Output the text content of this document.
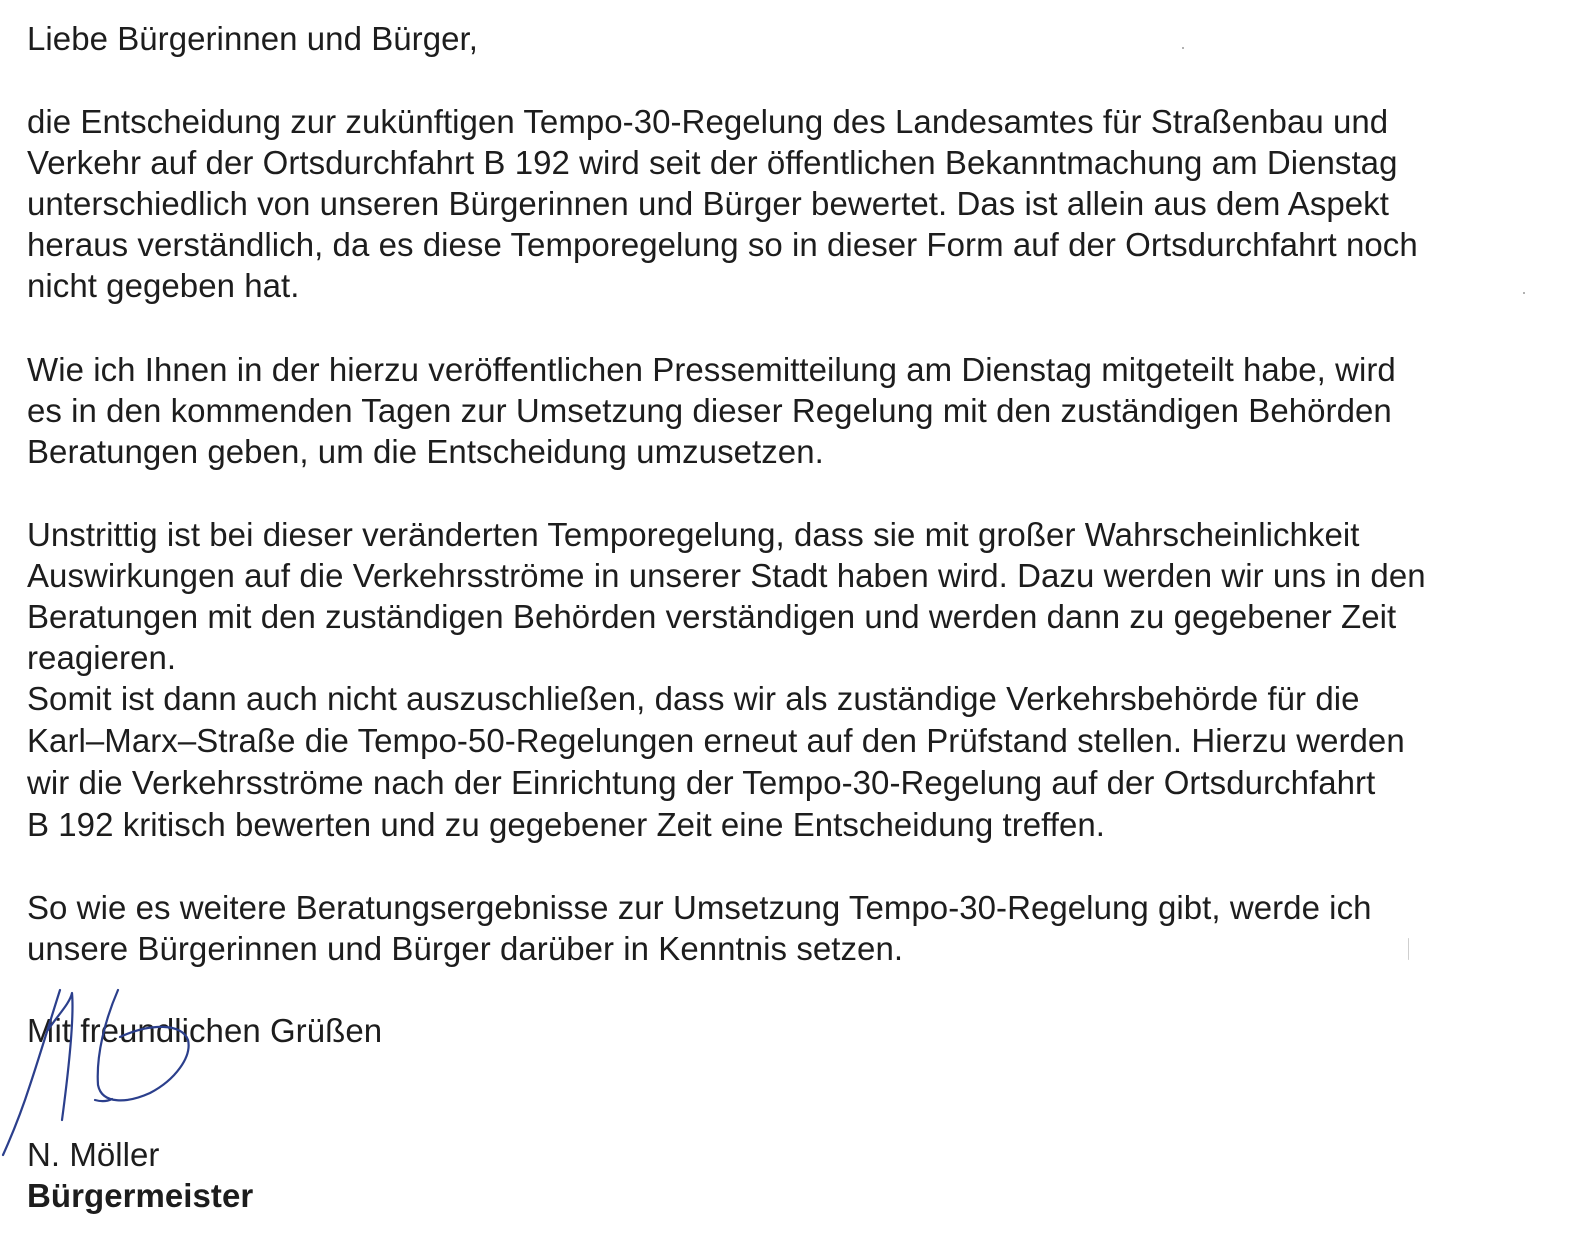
Liebe Bürgerinnen und Bürger,
die Entscheidung zur zukünftigen Tempo-30-Regelung des Landesamtes für Straßenbau und
Verkehr auf der Ortsdurchfahrt B 192 wird seit der öffentlichen Bekanntmachung am Dienstag
unterschiedlich von unseren Bürgerinnen und Bürger bewertet. Das ist allein aus dem Aspekt
heraus verständlich, da es diese Temporegelung so in dieser Form auf der Ortsdurchfahrt noch
nicht gegeben hat.
Wie ich Ihnen in der hierzu veröffentlichen Pressemitteilung am Dienstag mitgeteilt habe, wird
es in den kommenden Tagen zur Umsetzung dieser Regelung mit den zuständigen Behörden
Beratungen geben, um die Entscheidung umzusetzen.
Unstrittig ist bei dieser veränderten Temporegelung, dass sie mit großer Wahrscheinlichkeit
Auswirkungen auf die Verkehrsströme in unserer Stadt haben wird. Dazu werden wir uns in den
Beratungen mit den zuständigen Behörden verständigen und werden dann zu gegebener Zeit
reagieren.
Somit ist dann auch nicht auszuschließen, dass wir als zuständige Verkehrsbehörde für die
Karl–Marx–Straße die Tempo-50-Regelungen erneut auf den Prüfstand stellen. Hierzu werden
wir die Verkehrsströme nach der Einrichtung der Tempo-30-Regelung auf der Ortsdurchfahrt
B 192 kritisch bewerten und zu gegebener Zeit eine Entscheidung treffen.
So wie es weitere Beratungsergebnisse zur Umsetzung Tempo-30-Regelung gibt, werde ich
unsere Bürgerinnen und Bürger darüber in Kenntnis setzen.
Mit freundlichen Grüßen
N. Möller
Bürgermeister
